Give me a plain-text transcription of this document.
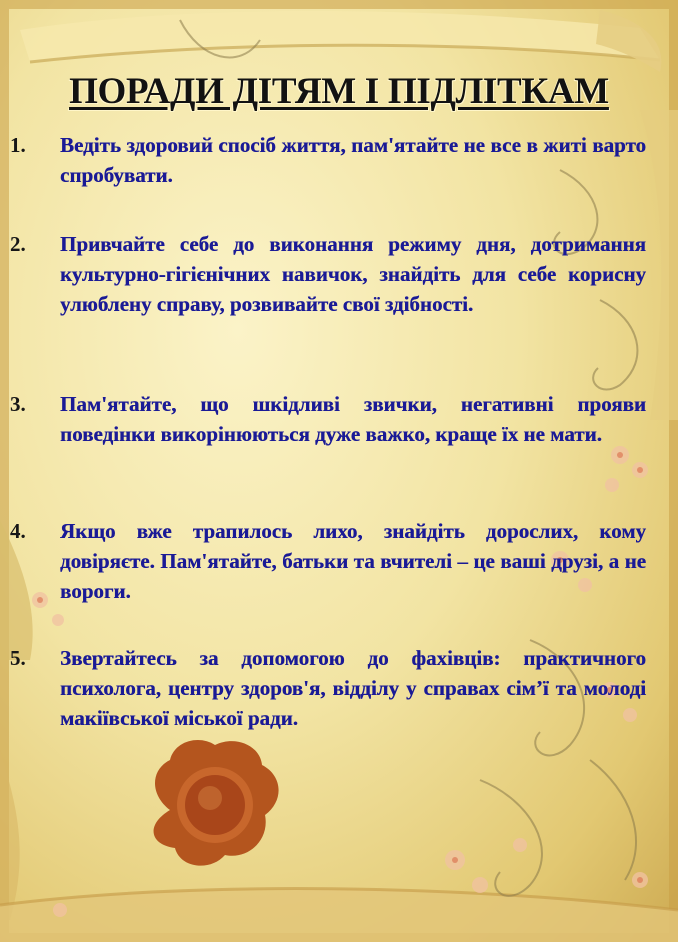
ПОРАДИ ДІТЯМ І ПІДЛІТКАМ
1. Ведіть здоровий спосіб життя, пам'ятайте не все в житі варто спробувати.
2. Привчайте себе до виконання режиму дня, дотримання культурно-гігієнічних навичок, знайдіть для себе корисну улюблену справу, розвивайте свої здібності.
3. Пам'ятайте, що шкідливі звички, негативні прояви поведінки викорінюються дуже важко, краще їх не мати.
4. Якщо вже трапилось лихо, знайдіть дорослих, кому довіряєте. Пам'ятайте, батьки та вчителі – це ваші друзі, а не вороги.
5. Звертайтесь за допомогою до фахівців: практичного психолога, центру здоров'я, відділу у справах сім’ї та молоді макіївської міської ради.
